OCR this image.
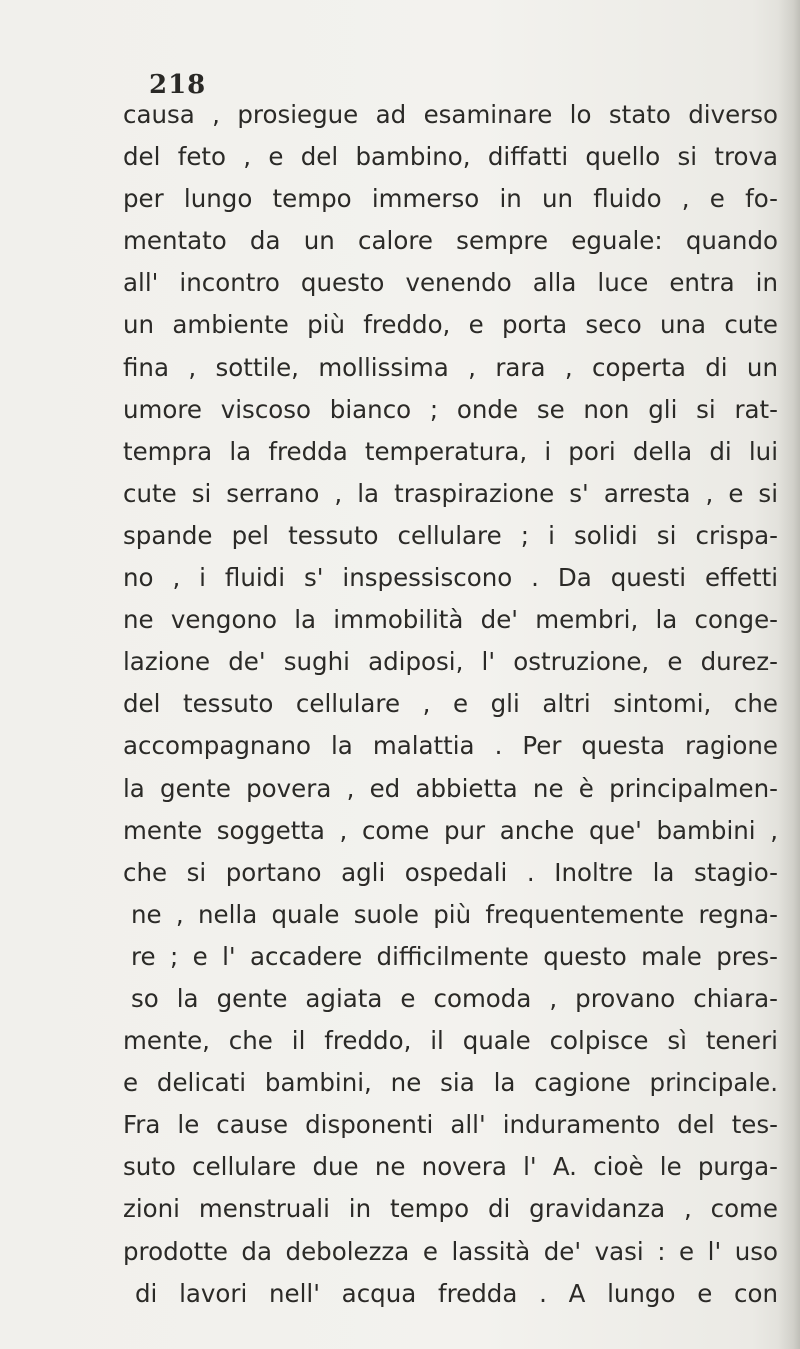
218
causa , prosiegue ad esaminare lo stato diverso
del feto , e del bambino, diffatti quello si trova
per lungo tempo immerso in un fluido , e fo-
mentato da un calore sempre eguale: quando
all' incontro questo venendo alla luce entra in
un ambiente più freddo, e porta seco una cute
fina , sottile, mollissima , rara , coperta di un
umore viscoso bianco ; onde se non gli si rat-
tempra la fredda temperatura, i pori della di lui
cute si serrano , la traspirazione s' arresta , e si
spande pel tessuto cellulare ; i solidi si crispa-
no , i fluidi s' inspessiscono . Da questi effetti
ne vengono la immobilità de' membri, la conge-
lazione de' sughi adiposi, l' ostruzione, e durez-
del tessuto cellulare , e gli altri sintomi, che
accompagnano la malattia . Per questa ragione
la gente povera , ed abbietta ne è principalmen-
mente soggetta , come pur anche que' bambini ,
che si portano agli ospedali . Inoltre la stagio-
ne , nella quale suole più frequentemente regna-
re ; e l' accadere difficilmente questo male pres-
so la gente agiata e comoda , provano chiara-
mente, che il freddo, il quale colpisce sì teneri
e delicati bambini, ne sia la cagione principale.
Fra le cause disponenti all' induramento del tes-
suto cellulare due ne novera l' A. cioè le purga-
zioni menstruali in tempo di gravidanza , come
prodotte da debolezza e lassità de' vasi : e l' uso
di lavori nell' acqua fredda . A lungo e con
